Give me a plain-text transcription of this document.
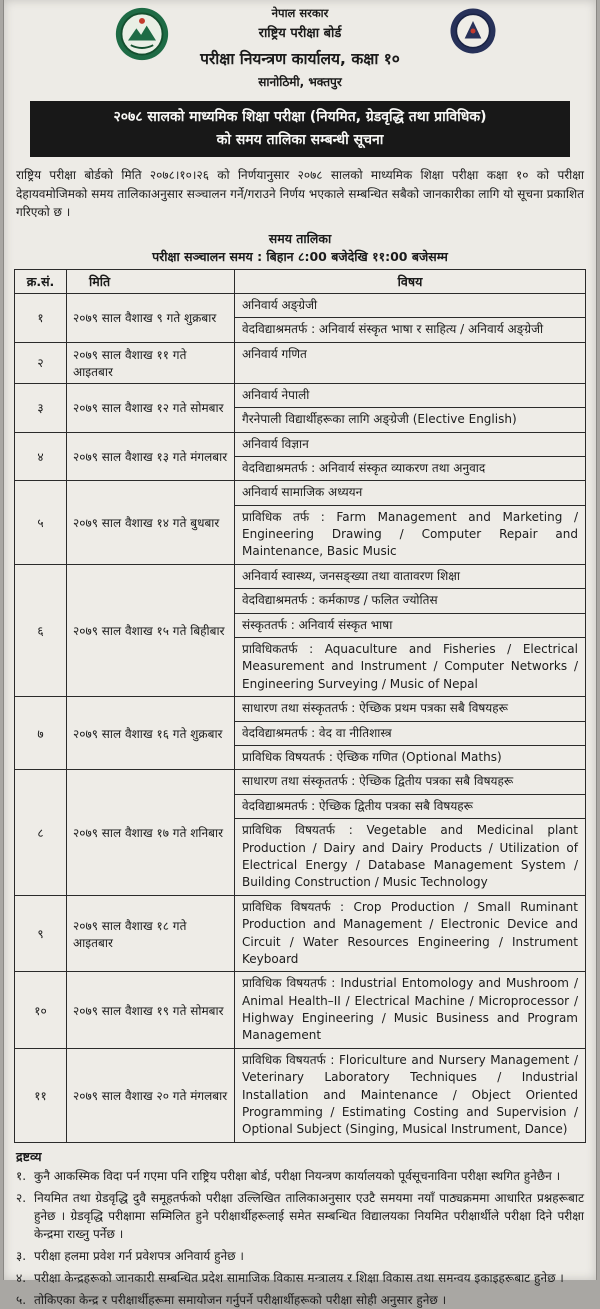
नेपाल सरकार
राष्ट्रिय परीक्षा बोर्ड
परीक्षा नियन्त्रण कार्यालय, कक्षा १०
सानोठिमी, भक्तपुर
२०७८ सालको माध्यमिक शिक्षा परीक्षा (नियमित, ग्रेडवृद्धि तथा प्राविधिक)
को समय तालिका सम्बन्धी सूचना

राष्ट्रिय परीक्षा बोर्डको मिति २०७८।१०।२६ को निर्णयानुसार २०७८ सालको माध्यमिक शिक्षा परीक्षा कक्षा १० को परीक्षा देहायवमोजिमको समय तालिकाअनुसार सञ्चालन गर्ने/गराउने निर्णय भएकाले सम्बन्धित सबैको जानकारीका लागि यो सूचना प्रकाशित गरिएको छ ।

समय तालिका
परीक्षा सञ्चालन समय : बिहान ८:00 बजेदेखि ११:00 बजेसम्म
क्र.सं.	मिति	विषय
१	२०७९ साल वैशाख ९ गते शुक्रबार	अनिवार्य अङ्ग्रेजी
वेदविद्याश्रमतर्फ : अनिवार्य संस्कृत भाषा र साहित्य / अनिवार्य अङ्ग्रेजी

२	२०७९ साल वैशाख ११ गते आइतबार	अनिवार्य गणित

३	२०७९ साल वैशाख १२ गते सोमबार	अनिवार्य नेपाली
गैरनेपाली विद्यार्थीहरूका लागि अङ्ग्रेजी (Elective English)

४	२०७९ साल वैशाख १३ गते मंगलबार	अनिवार्य विज्ञान
वेदविद्याश्रमतर्फ : अनिवार्य संस्कृत व्याकरण तथा अनुवाद

५	२०७९ साल वैशाख १४ गते बुधबार	अनिवार्य सामाजिक अध्ययन
प्राविधिक तर्फ : Farm Management and Marketing / Engineering Drawing / Computer Repair and Maintenance, Basic Music

६	२०७९ साल वैशाख १५ गते बिहीबार	अनिवार्य स्वास्थ्य, जनसङ्ख्या तथा वातावरण शिक्षा
वेदविद्याश्रमतर्फ : कर्मकाण्ड / फलित ज्योतिस
संस्कृततर्फ : अनिवार्य संस्कृत भाषा
प्राविधिकतर्फ : Aquaculture and Fisheries / Electrical Measurement and Instrument / Computer Networks / Engineering Surveying / Music of Nepal

७	२०७९ साल वैशाख १६ गते शुक्रबार	साधारण तथा संस्कृततर्फ : ऐच्छिक प्रथम पत्रका सबै विषयहरू
वेदविद्याश्रमतर्फ : वेद वा नीतिशास्त्र
प्राविधिक विषयतर्फ : ऐच्छिक गणित (Optional Maths)

८	२०७९ साल वैशाख १७ गते शनिबार	साधारण तथा संस्कृततर्फ : ऐच्छिक द्वितीय पत्रका सबै विषयहरू
वेदविद्याश्रमतर्फ : ऐच्छिक द्वितीय पत्रका सबै विषयहरू
प्राविधिक विषयतर्फ : Vegetable and Medicinal plant Production / Dairy and Dairy Products / Utilization of Electrical Energy / Database Management System / Building Construction / Music Technology

९	२०७९ साल वैशाख १८ गते आइतबार	प्राविधिक विषयतर्फ : Crop Production / Small Ruminant Production and Management / Electronic Device and Circuit / Water Resources Engineering / Instrument Keyboard

१०	२०७९ साल वैशाख १९ गते सोमबार	प्राविधिक विषयतर्फ : Industrial Entomology and Mushroom / Animal Health–II / Electrical Machine / Microprocessor / Highway Engineering / Music Business and Program Management

११	२०७९ साल वैशाख २० गते मंगलबार	प्राविधिक विषयतर्फ : Floriculture and Nursery Management / Veterinary Laboratory Techniques / Industrial Installation and Maintenance / Object Oriented Programming / Estimating Costing and Supervision / Optional Subject (Singing, Musical Instrument, Dance)
द्रष्टव्य
१. कुनै आकस्मिक विदा पर्न गएमा पनि राष्ट्रिय परीक्षा बोर्ड, परीक्षा नियन्त्रण कार्यालयको पूर्वसूचनाविना परीक्षा स्थगित हुनेछैन ।
२. नियमित तथा ग्रेडवृद्धि दुवै समूहतर्फको परीक्षा उल्लिखित तालिकाअनुसार एउटै समयमा नयाँ पाठ्यक्रममा आधारित प्रश्नहरूबाट हुनेछ । ग्रेडवृद्धि परीक्षामा सम्मिलित हुने परीक्षार्थीहरूलाई समेत सम्बन्धित विद्यालयका नियमित परीक्षार्थीले परीक्षा दिने परीक्षा केन्द्रमा राख्नु पर्नेछ ।
३. परीक्षा हलमा प्रवेश गर्न प्रवेशपत्र अनिवार्य हुनेछ ।
४. परीक्षा केन्द्रहरूको जानकारी सम्बन्धित प्रदेश सामाजिक विकास मन्त्रालय र शिक्षा विकास तथा समन्वय इकाइहरूबाट हुनेछ ।
५. तोकिएका केन्द्र र परीक्षार्थीहरूमा समायोजन गर्नुपर्ने परीक्षार्थीहरूको परीक्षा सोही अनुसार हुनेछ ।
